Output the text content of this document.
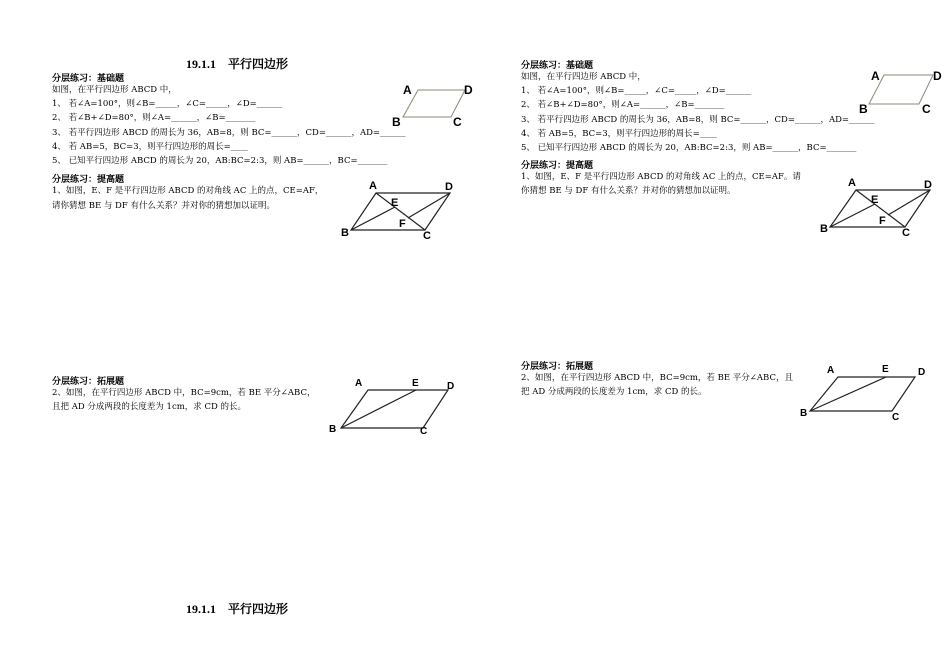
19.1.1　平行四边形
分层练习：基础题
如图，在平行四边形 ABCD 中，
1、 若∠A=100°，则∠B=_____，∠C=_____，∠D=______
2、 若∠B+∠D=80°，则∠A=______，∠B=_______
3、 若平行四边形 ABCD 的周长为 36，AB=8，则 BC=______，CD=______，AD=______
4、 若 AB=5，BC=3，则平行四边形的周长=____
5、 已知平行四边形 ABCD 的周长为 20，AB:BC=2:3，则 AB=______，BC=_______
分层练习：提高题
1、如图，E、F 是平行四边形 ABCD 的对角线 AC 上的点，CE=AF，
请你猜想 BE 与 DF 有什么关系？并对你的猜想加以证明。
分层练习：拓展题
2、如图，在平行四边形 ABCD 中，BC=9cm，若 BE 平分∠ABC，
且把 AD 分成两段的长度差为 1cm，求 CD 的长。
A	D
B	C
A	D
B	C
E
F
A	E	D
B	C
分层练习：基础题
如图，在平行四边形 ABCD 中，
1、 若∠A=100°，则∠B=_____，∠C=_____，∠D=______
2、 若∠B+∠D=80°，则∠A=______，∠B=_______
3、 若平行四边形 ABCD 的周长为 36，AB=8，则 BC=______，CD=______，AD=______
4、 若 AB=5，BC=3，则平行四边形的周长=____
5、 已知平行四边形 ABCD 的周长为 20，AB:BC=2:3，则 AB=______，BC=_______
分层练习：提高题
1、如图，E、F 是平行四边形 ABCD 的对角线 AC 上的点，CE=AF。请
你猜想 BE 与 DF 有什么关系？并对你的猜想加以证明。
分层练习：拓展题
2、如图，在平行四边形 ABCD 中，BC=9cm，若 BE 平分∠ABC，且
把 AD 分成两段的长度差为 1cm，求 CD 的长。
A	D
B	C
A	D
B	C
E
F
A	E	D
B	C
19.1.1　平行四边形
